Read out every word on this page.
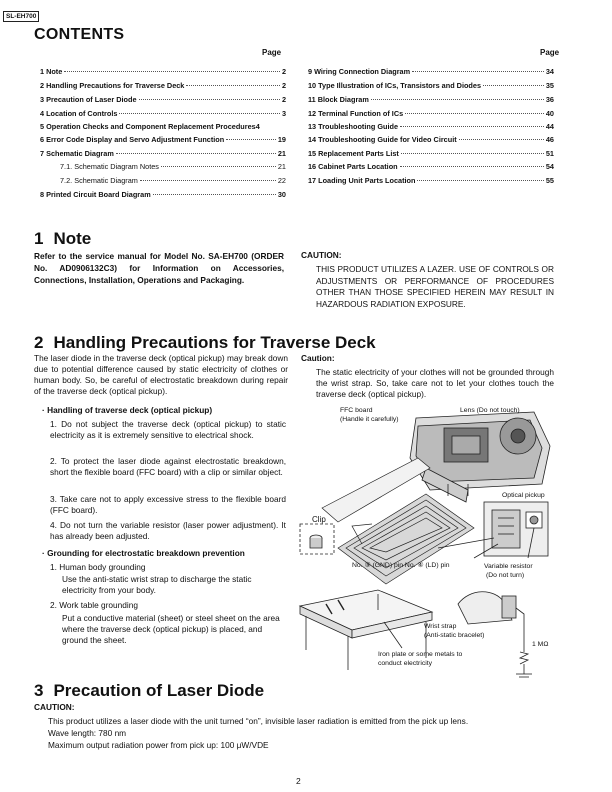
SL-EH700
CONTENTS
Page	Page
1 Note	2
2 Handling Precautions for Traverse Deck	2
3 Precaution of Laser Diode	2
4 Location of Controls	3
5 Operation Checks and Component Replacement Procedures 4
6 Error Code Display and Servo Adjustment Function	19
7 Schematic Diagram	21
7.1. Schematic Diagram Notes	21
7.2. Schematic Diagram	22
8 Printed Circuit Board Diagram	30
9 Wiring Connection Diagram	34
10 Type Illustration of ICs, Transistors and Diodes	35
11 Block Diagram	36
12 Terminal Function of ICs	40
13 Troubleshooting Guide	44
14 Troubleshooting Guide for Video Circuit	46
15 Replacement Parts List	51
16 Cabinet Parts Location	54
17 Loading Unit Parts Location	55
1 Note
Refer to the service manual for Model No. SA-EH700 (ORDER No. AD0906132C3) for Information on Accessories, Connections, Installation, Operations and Packaging.
CAUTION:
THIS PRODUCT UTILIZES A LAZER. USE OF CONTROLS OR ADJUSTMENTS OR PERFORMANCE OF PROCEDURES OTHER THAN THOSE SPECIFIED HEREIN MAY RESULT IN HAZARDOUS RADIATION EXPOSURE.
2 Handling Precautions for Traverse Deck
The laser diode in the traverse deck (optical pickup) may break down due to potential difference caused by static electricity of clothes or human body. So, be careful of electrostatic breakdown during repair of the traverse deck (optical pickup).
· Handling of traverse deck (optical pickup)
1. Do not subject the traverse deck (optical pickup) to static electricity as it is extremely sensitive to electrical shock.
2. To protect the laser diode against electrostatic breakdown, short the flexible board (FFC board) with a clip or similar object.
3. Take care not to apply excessive stress to the flexible board (FFC board).
4. Do not turn the variable resistor (laser power adjustment). It has already been adjusted.
· Grounding for electrostatic breakdown prevention
1. Human body grounding
Use the anti-static wrist strap to discharge the static electricity from your body.
2. Work table grounding
Put a conductive material (sheet) or steel sheet on the area where the traverse deck (optical pickup) is placed, and ground the sheet.
Caution:
The static electricity of your clothes will not be grounded through the wrist strap. So, take care not to let your clothes touch the traverse deck (optical pickup).
FFC board
(Handle it carefully)
Lens (Do not touch)
Optical pickup
Clip
No. ⑤ (GND) pin No. ④ (LD) pin	Variable resistor
(Do not turn)
Wrist strap
(Anti-static bracelet)
1 MΩ
Iron plate or some metals to
conduct electricity
3 Precaution of Laser Diode
CAUTION:
This product utilizes a laser diode with the unit turned “on”, invisible laser radiation is emitted from the pick up lens.
Wave length: 780 nm
Maximum output radiation power from pick up: 100 μW/VDE
2
